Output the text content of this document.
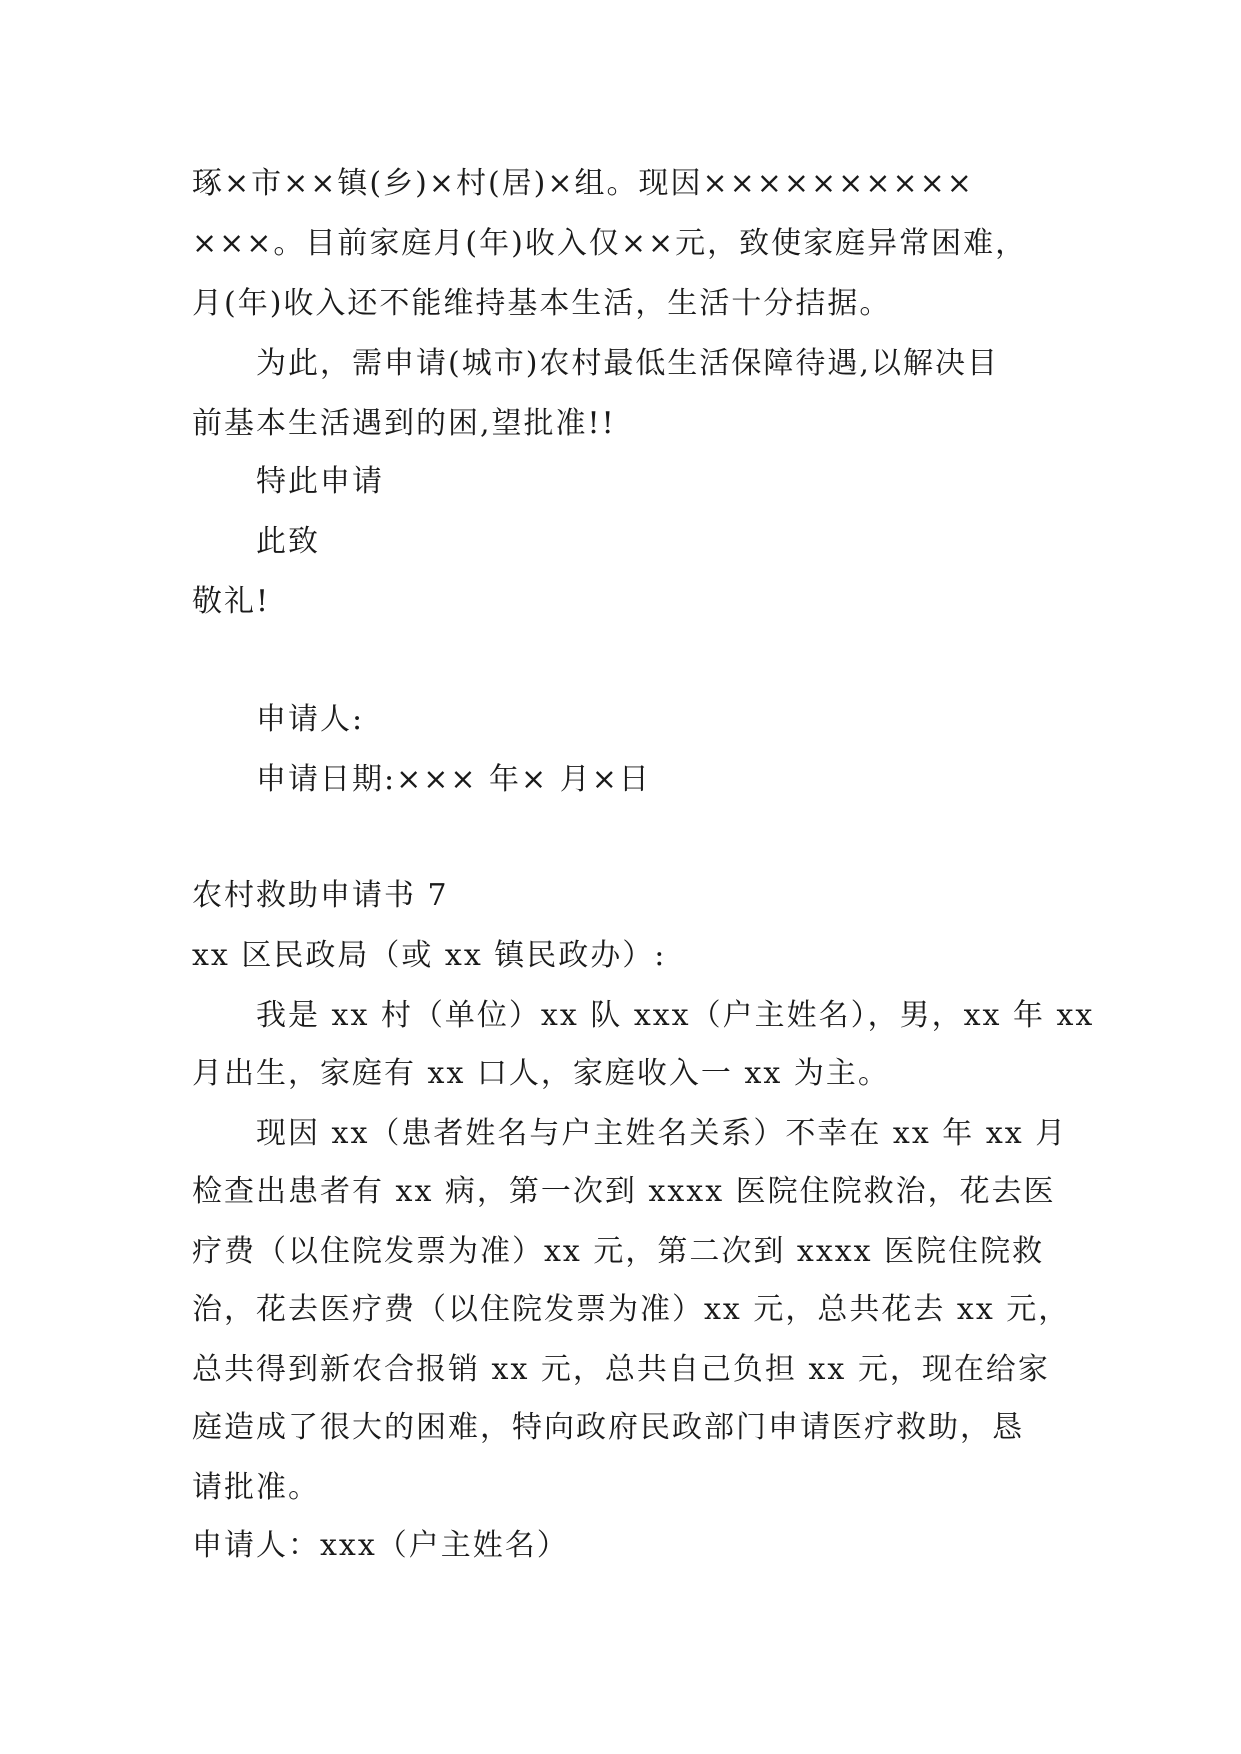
琢×市××镇(乡)×村(居)×组。现因××××××××××
×××。目前家庭月(年)收入仅××元，致使家庭异常困难，
月(年)收入还不能维持基本生活，生活十分拮据。
为此，需申请(城市)农村最低生活保障待遇,以解决目
前基本生活遇到的困,望批准!!
特此申请
此致
敬礼!
申请人:
申请日期:××× 年× 月×日
农村救助申请书 7
xx 区民政局（或 xx 镇民政办）:
我是 xx 村（单位）xx 队 xxx（户主姓名），男，xx 年 xx
月出生，家庭有 xx 口人，家庭收入一 xx 为主。
现因 xx（患者姓名与户主姓名关系）不幸在 xx 年 xx 月
检查出患者有 xx 病，第一次到 xxxx 医院住院救治，花去医
疗费（以住院发票为准）xx 元，第二次到 xxxx 医院住院救
治，花去医疗费（以住院发票为准）xx 元，总共花去 xx 元，
总共得到新农合报销 xx 元，总共自己负担 xx 元，现在给家
庭造成了很大的困难，特向政府民政部门申请医疗救助，恳
请批准。
申请人：xxx（户主姓名）
